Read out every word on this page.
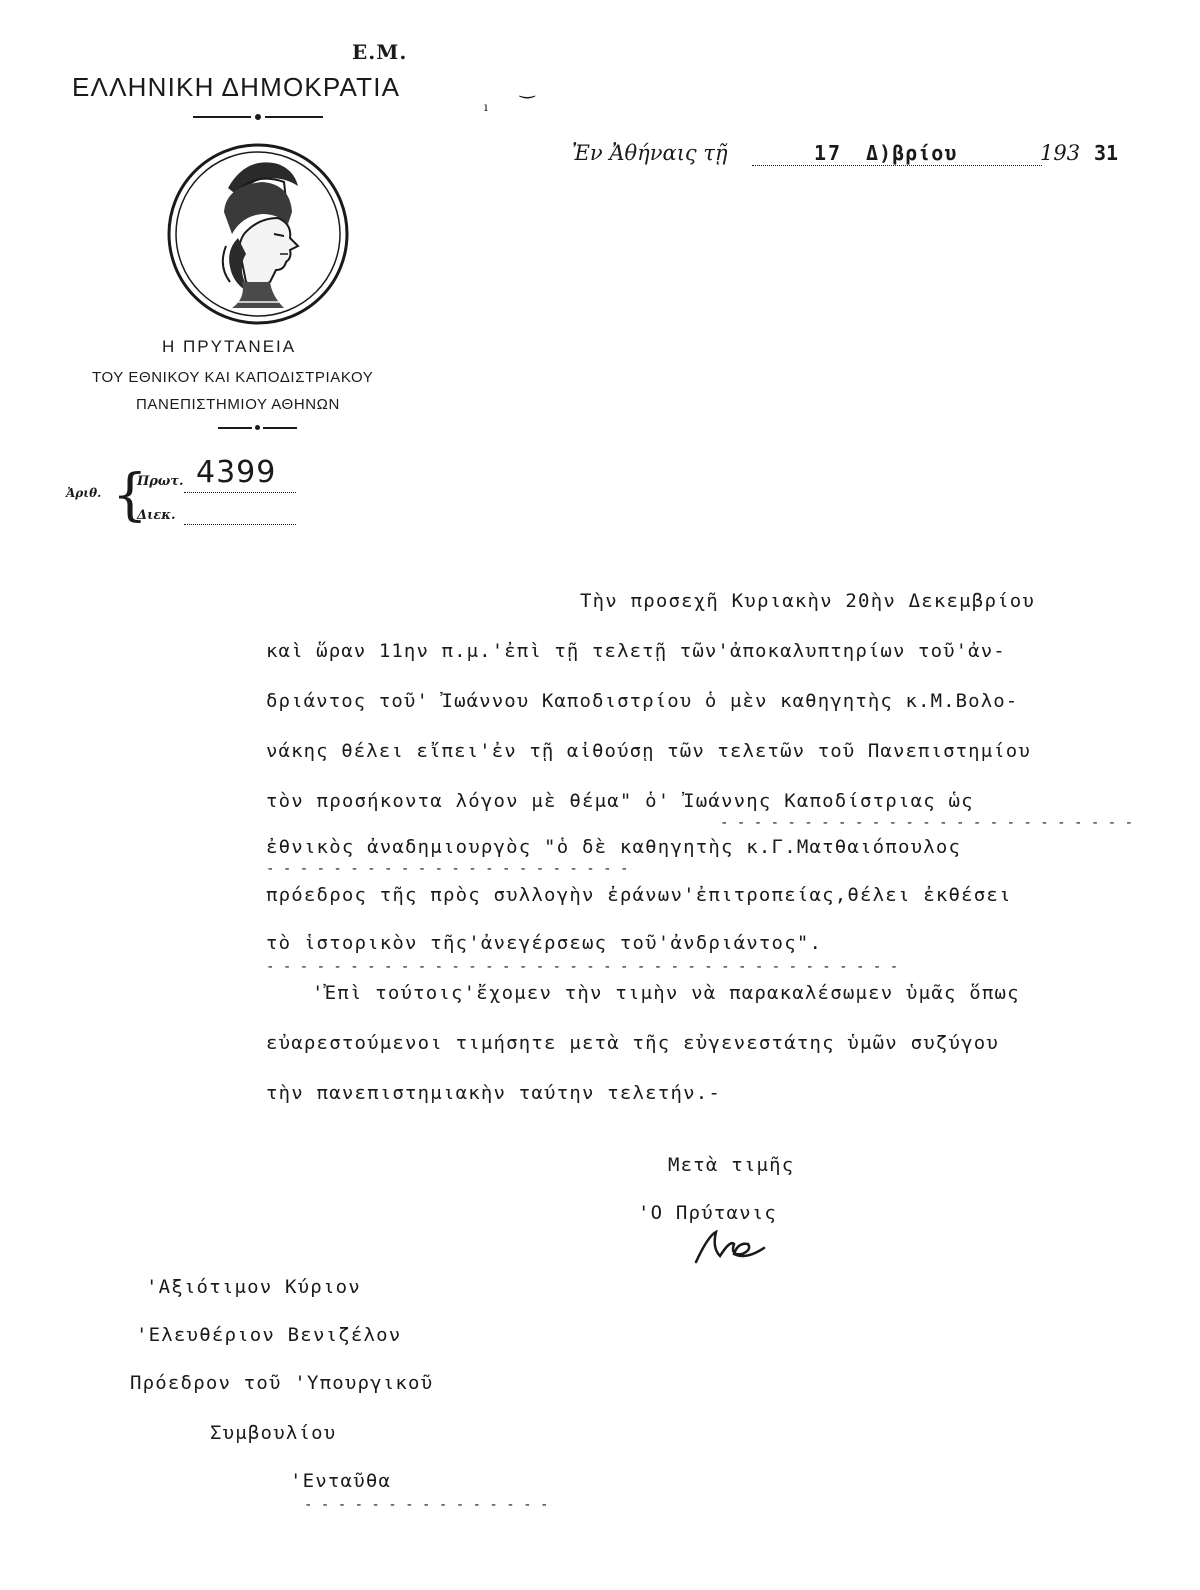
Ε.Μ.
ΕΛΛΗΝΙΚΗ ΔΗΜΟΚΡΑΤΙΑ
Η ΠΡΥΤΑΝΕΙΑ
ΤΟΥ ΕΘΝΙΚΟΥ ΚΑΙ ΚΑΠΟΔΙΣΤΡΙΑΚΟΥ
ΠΑΝΕΠΙΣΤΗΜΙΟΥ ΑΘΗΝΩΝ
Ἀριθ. {
Πρωτ. 4399
Διεκ.
Ἐν Ἀθήναις τῇ	17 Δ)βρίου	193 31
Τὴν προσεχῆ Κυριακὴν 20ὴν Δεκεμβρίου
καὶ ὥραν 11ην π.μ.'ἐπὶ τῇ τελετῇ τῶν'ἀποκαλυπτηρίων τοῦ'ἀν-
δριάντος τοῦ' Ἰωάννου Καποδιστρίου ὁ μὲν καθηγητὴς κ.Μ.Βολο-
νάκης θέλει εἴπει'ἐν τῇ αἰθούσῃ τῶν τελετῶν τοῦ Πανεπιστημίου
τὸν προσήκοντα λόγον μὲ θέμα" ὁ' Ἰωάννης Καποδίστριας ὡς
- - - - - - - - - - - - - - - - - - - - - - - - -
ἐθνικὸς ἀναδημιουργὸς "ὁ δὲ καθηγητὴς κ.Γ.Ματθαιόπουλος
- - - - - - - - - - - - - - - - - - - - - -
πρόεδρος τῆς πρὸς συλλογὴν ἐράνων'ἐπιτροπείας,θέλει ἐκθέσει
τὸ ἱστορικὸν τῆς'ἀνεγέρσεως τοῦ'ἀνδριάντος".
- - - - - - - - - - - - - - - - - - - - - - - - - - - - - - - - - - - - - -
'Ἐπὶ τούτοις'ἔχομεν τὴν τιμὴν νὰ παρακαλέσωμεν ὑμᾶς ὅπως
εὐαρεστούμενοι τιμήσητε μετὰ τῆς εὐγενεστάτης ὑμῶν συζύγου
τὴν πανεπιστημιακὴν ταύτην τελετήν.-
Μετὰ τιμῆς
'Ο Πρύτανις
'Αξιότιμον Κύριον
'Ελευθέριον Βενιζέλον
Πρόεδρον τοῦ 'Υπουργικοῦ
Συμβουλίου
'Ενταῦθα
- - - - - - - - - - - - - - -
‿
ı
